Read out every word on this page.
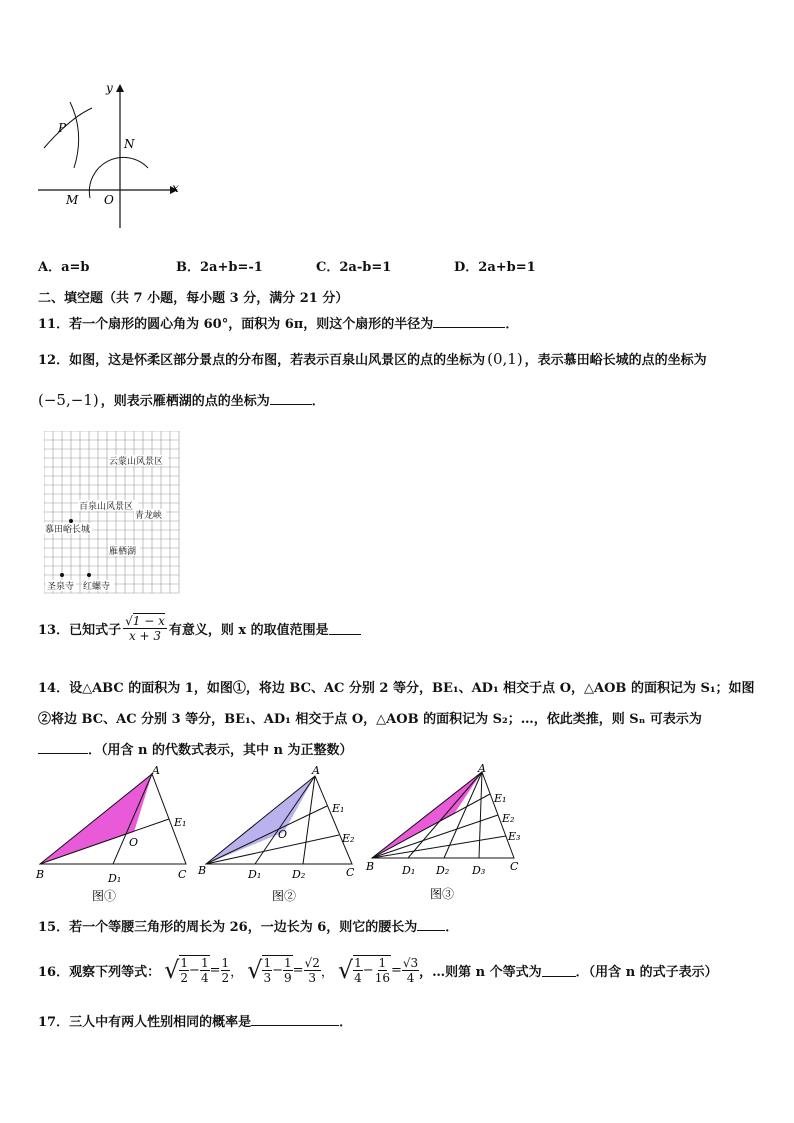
y
x
P
N
M O
A．a=b	B．2a+b=-1	C．2a-b=1	D．2a+b=1
二、填空题（共 7 小题，每小题 3 分，满分 21 分）
11．若一个扇形的圆心角为 60°，面积为 6π，则这个扇形的半径为	．
12．如图，这是怀柔区部分景点的分布图，若表示百泉山风景区的点的坐标为 (0,1) ，表示慕田峪长城的点的坐标为
(−5,−1) ，则表示雁栖湖的点的坐标为	．
云蒙山风景区
百泉山风景区
青龙峡
慕田峪长城
雁栖湖
圣泉寺 红螺寺
13． 已知式子 $\frac{√1 - x}{x + 3}$ 有意义，则 x 的取值范围是
14．设△ABC 的面积为 1，如图①，将边 BC、AC 分别 2 等分，BE₁、AD₁ 相交于点 O，△AOB 的面积记为 S₁；如图
②将边 BC、AC 分别 3 等分，BE₁、AD₁ 相交于点 O，△AOB 的面积记为 S₂；…，依此类推，则 Sₙ 可表示为
．（用含 n 的代数式表示，其中 n 为正整数）
A
B	C
O
D₁
E₁
图①
A
B	C
O
D₁	D₂
E₁
E₂
图②
A
B	C
D₁ D₂ D₃
E₁
E₂
E₃
图③
15．若一个等腰三角形的周长为 26，一边长为 6，则它的腰长为 ．
16． 观察下列等式： √ 1
2 − 1
4
= 1
2 ， √ 1
3 − 1
9
= √2
3 ， √ 1
4 − 1
16
= √3
4 ，…则第 n 个等式为	．（用含 n 的式子表示）
17．三人中有两人性别相同的概率是	．
